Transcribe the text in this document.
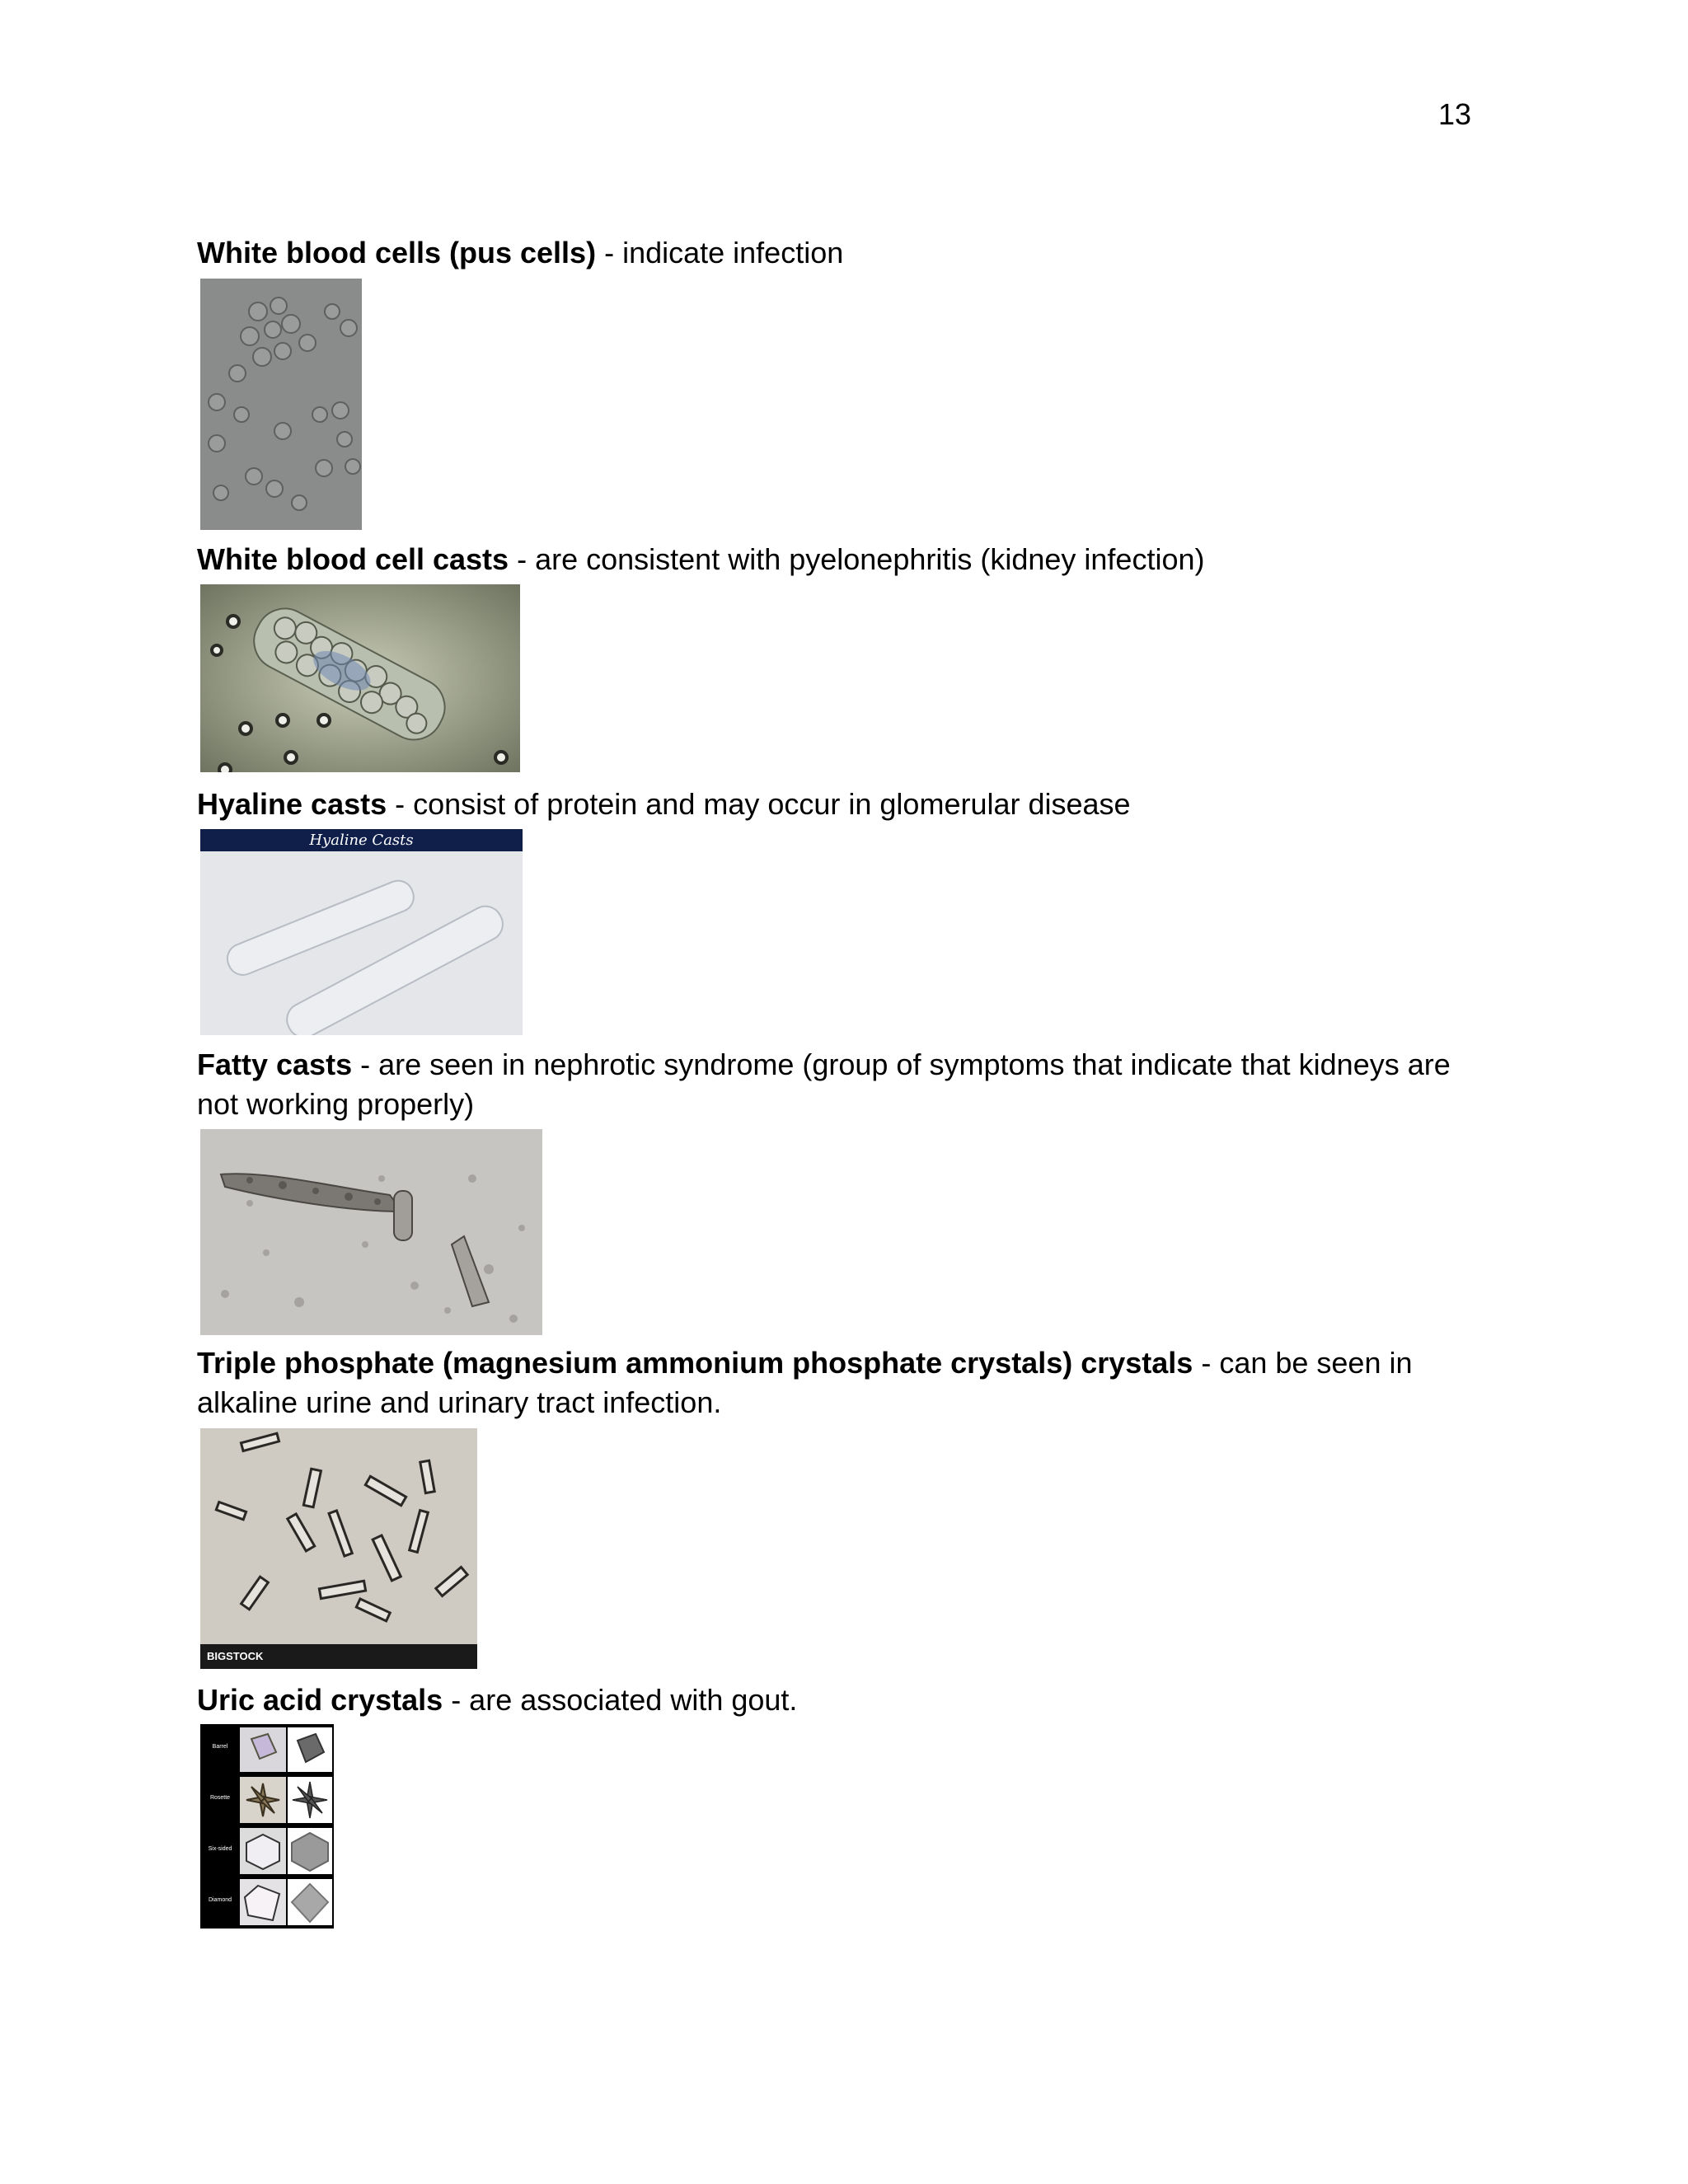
13
White blood cells (pus cells) - indicate infection
White blood cell casts - are consistent with pyelonephritis (kidney infection)
Hyaline casts - consist of protein and may occur in glomerular disease
Hyaline Casts
Fatty casts - are seen in nephrotic syndrome (group of symptoms that indicate that kidneys are not working properly)
Triple phosphate (magnesium ammonium phosphate crystals) crystals - can be seen in alkaline urine and urinary tract infection.
BIGSTOCK
Uric acid crystals - are associated with gout.
Barrel
Rosette
Six-sided
Diamond
